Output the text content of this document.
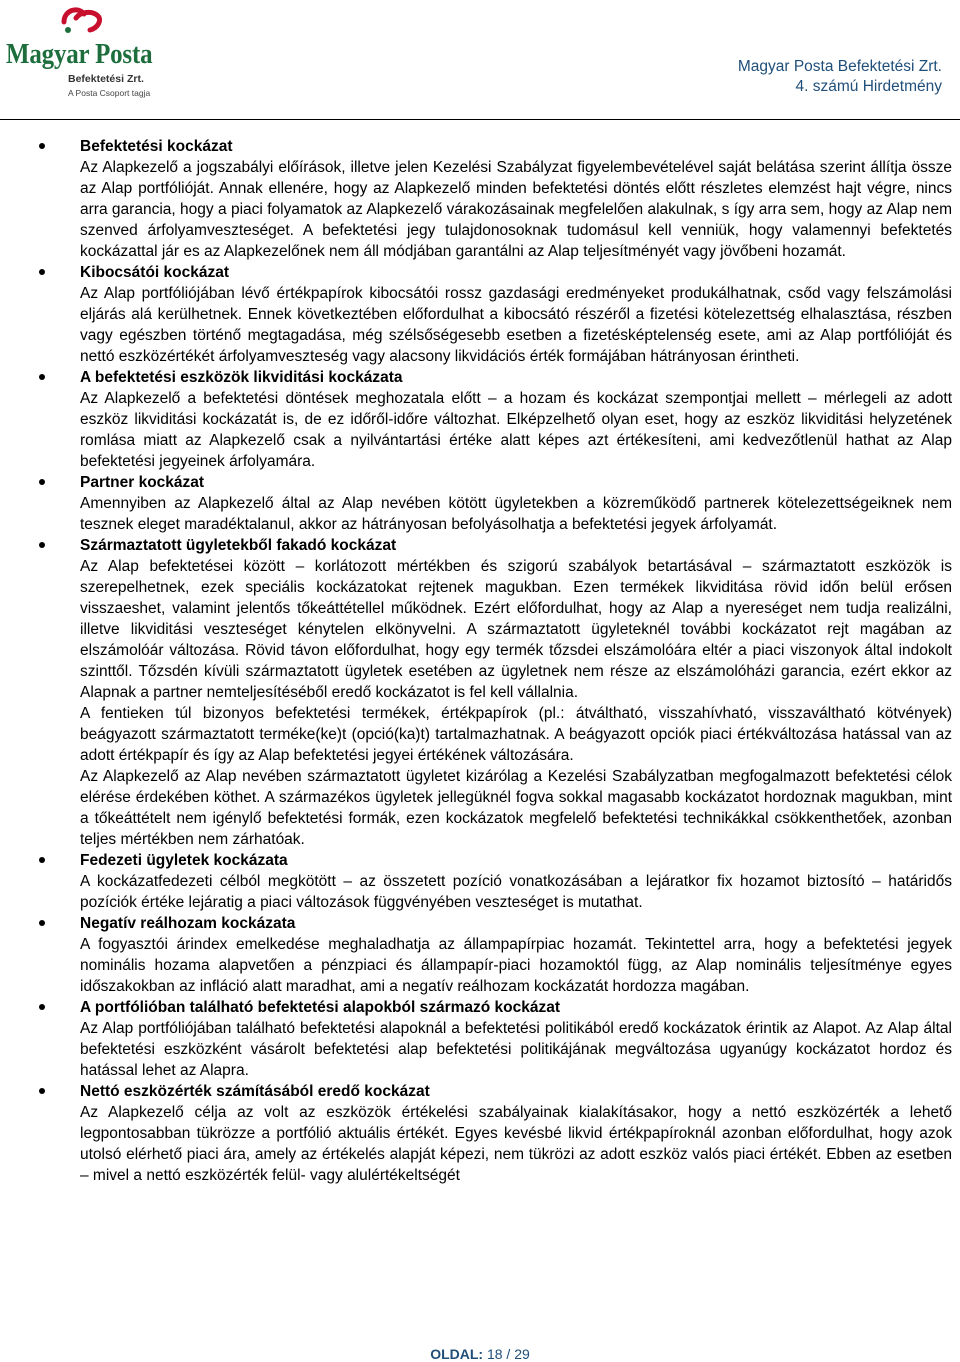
Magyar Posta
Befektetési Zrt.
A Posta Csoport tagja
Magyar Posta Befektetési Zrt.
4. számú Hirdetmény
Befektetési kockázat
Az Alapkezelő a jogszabályi előírások, illetve jelen Kezelési Szabályzat figyelembevételével saját belátása szerint állítja össze az Alap portfólióját. Annak ellenére, hogy az Alapkezelő minden befektetési döntés előtt részletes elemzést hajt végre, nincs arra garancia, hogy a piaci folyamatok az Alapkezelő várakozásainak megfelelően alakulnak, s így arra sem, hogy az Alap nem szenved árfolyamveszteséget. A befektetési jegy tulajdonosoknak tudomásul kell venniük, hogy valamennyi befektetés kockázattal jár es az Alapkezelőnek nem áll módjában garantálni az Alap teljesítményét vagy jövőbeni hozamát.
Kibocsátói kockázat
Az Alap portfóliójában lévő értékpapírok kibocsátói rossz gazdasági eredményeket produkálhatnak, csőd vagy felszámolási eljárás alá kerülhetnek. Ennek következtében előfordulhat a kibocsátó részéről a fizetési kötelezettség elhalasztása, részben vagy egészben történő megtagadása, még szélsőségesebb esetben a fizetésképtelenség esete, ami az Alap portfólióját és nettó eszközértékét árfolyamveszteség vagy alacsony likvidációs érték formájában hátrányosan érintheti.
A befektetési eszközök likviditási kockázata
Az Alapkezelő a befektetési döntések meghozatala előtt – a hozam és kockázat szempontjai mellett – mérlegeli az adott eszköz likviditási kockázatát is, de ez időről-időre változhat. Elképzelhető olyan eset, hogy az eszköz likviditási helyzetének romlása miatt az Alapkezelő csak a nyilvántartási értéke alatt képes azt értékesíteni, ami kedvezőtlenül hathat az Alap befektetési jegyeinek árfolyamára.
Partner kockázat
Amennyiben az Alapkezelő által az Alap nevében kötött ügyletekben a közreműködő partnerek kötelezettségeiknek nem tesznek eleget maradéktalanul, akkor az hátrányosan befolyásolhatja a befektetési jegyek árfolyamát.
Származtatott ügyletekből fakadó kockázat
Az Alap befektetései között – korlátozott mértékben és szigorú szabályok betartásával – származtatott eszközök is szerepelhetnek, ezek speciális kockázatokat rejtenek magukban. Ezen termékek likviditása rövid időn belül erősen visszaeshet, valamint jelentős tőkeáttétellel működnek. Ezért előfordulhat, hogy az Alap a nyereséget nem tudja realizálni, illetve likviditási veszteséget kénytelen elkönyvelni. A származtatott ügyleteknél további kockázatot rejt magában az elszámolóár változása. Rövid távon előfordulhat, hogy egy termék tőzsdei elszámolóára eltér a piaci viszonyok által indokolt szinttől. Tőzsdén kívüli származtatott ügyletek esetében az ügyletnek nem része az elszámolóházi garancia, ezért ekkor az Alapnak a partner nemteljesítéséből eredő kockázatot is fel kell vállalnia.
A fentieken túl bizonyos befektetési termékek, értékpapírok (pl.: átváltható, visszahívható, visszaváltható kötvények) beágyazott származtatott terméke(ke)t (opció(ka)t) tartalmazhatnak. A beágyazott opciók piaci értékváltozása hatással van az adott értékpapír és így az Alap befektetési jegyei értékének változására.
Az Alapkezelő az Alap nevében származtatott ügyletet kizárólag a Kezelési Szabályzatban megfogalmazott befektetési célok elérése érdekében köthet. A származékos ügyletek jellegüknél fogva sokkal magasabb kockázatot hordoznak magukban, mint a tőkeáttételt nem igénylő befektetési formák, ezen kockázatok megfelelő befektetési technikákkal csökkenthetőek, azonban teljes mértékben nem zárhatóak.
Fedezeti ügyletek kockázata
A kockázatfedezeti célból megkötött – az összetett pozíció vonatkozásában a lejáratkor fix hozamot biztosító – határidős pozíciók értéke lejáratig a piaci változások függvényében veszteséget is mutathat.
Negatív reálhozam kockázata
A fogyasztói árindex emelkedése meghaladhatja az állampapírpiac hozamát. Tekintettel arra, hogy a befektetési jegyek nominális hozama alapvetően a pénzpiaci és állampapír-piaci hozamoktól függ, az Alap nominális teljesítménye egyes időszakokban az infláció alatt maradhat, ami a negatív reálhozam kockázatát hordozza magában.
A portfólióban található befektetési alapokból származó kockázat
Az Alap portfóliójában található befektetési alapoknál a befektetési politikából eredő kockázatok érintik az Alapot. Az Alap által befektetési eszközként vásárolt befektetési alap befektetési politikájának megváltozása ugyanúgy kockázatot hordoz és hatással lehet az Alapra.
Nettó eszközérték számításából eredő kockázat
Az Alapkezelő célja az volt az eszközök értékelési szabályainak kialakításakor, hogy a nettó eszközérték a lehető legpontosabban tükrözze a portfólió aktuális értékét. Egyes kevésbé likvid értékpapíroknál azonban előfordulhat, hogy azok utolsó elérhető piaci ára, amely az értékelés alapját képezi, nem tükrözi az adott eszköz valós piaci értékét. Ebben az esetben – mivel a nettó eszközérték felül- vagy alulértékeltségét
OLDAL: 18 / 29
